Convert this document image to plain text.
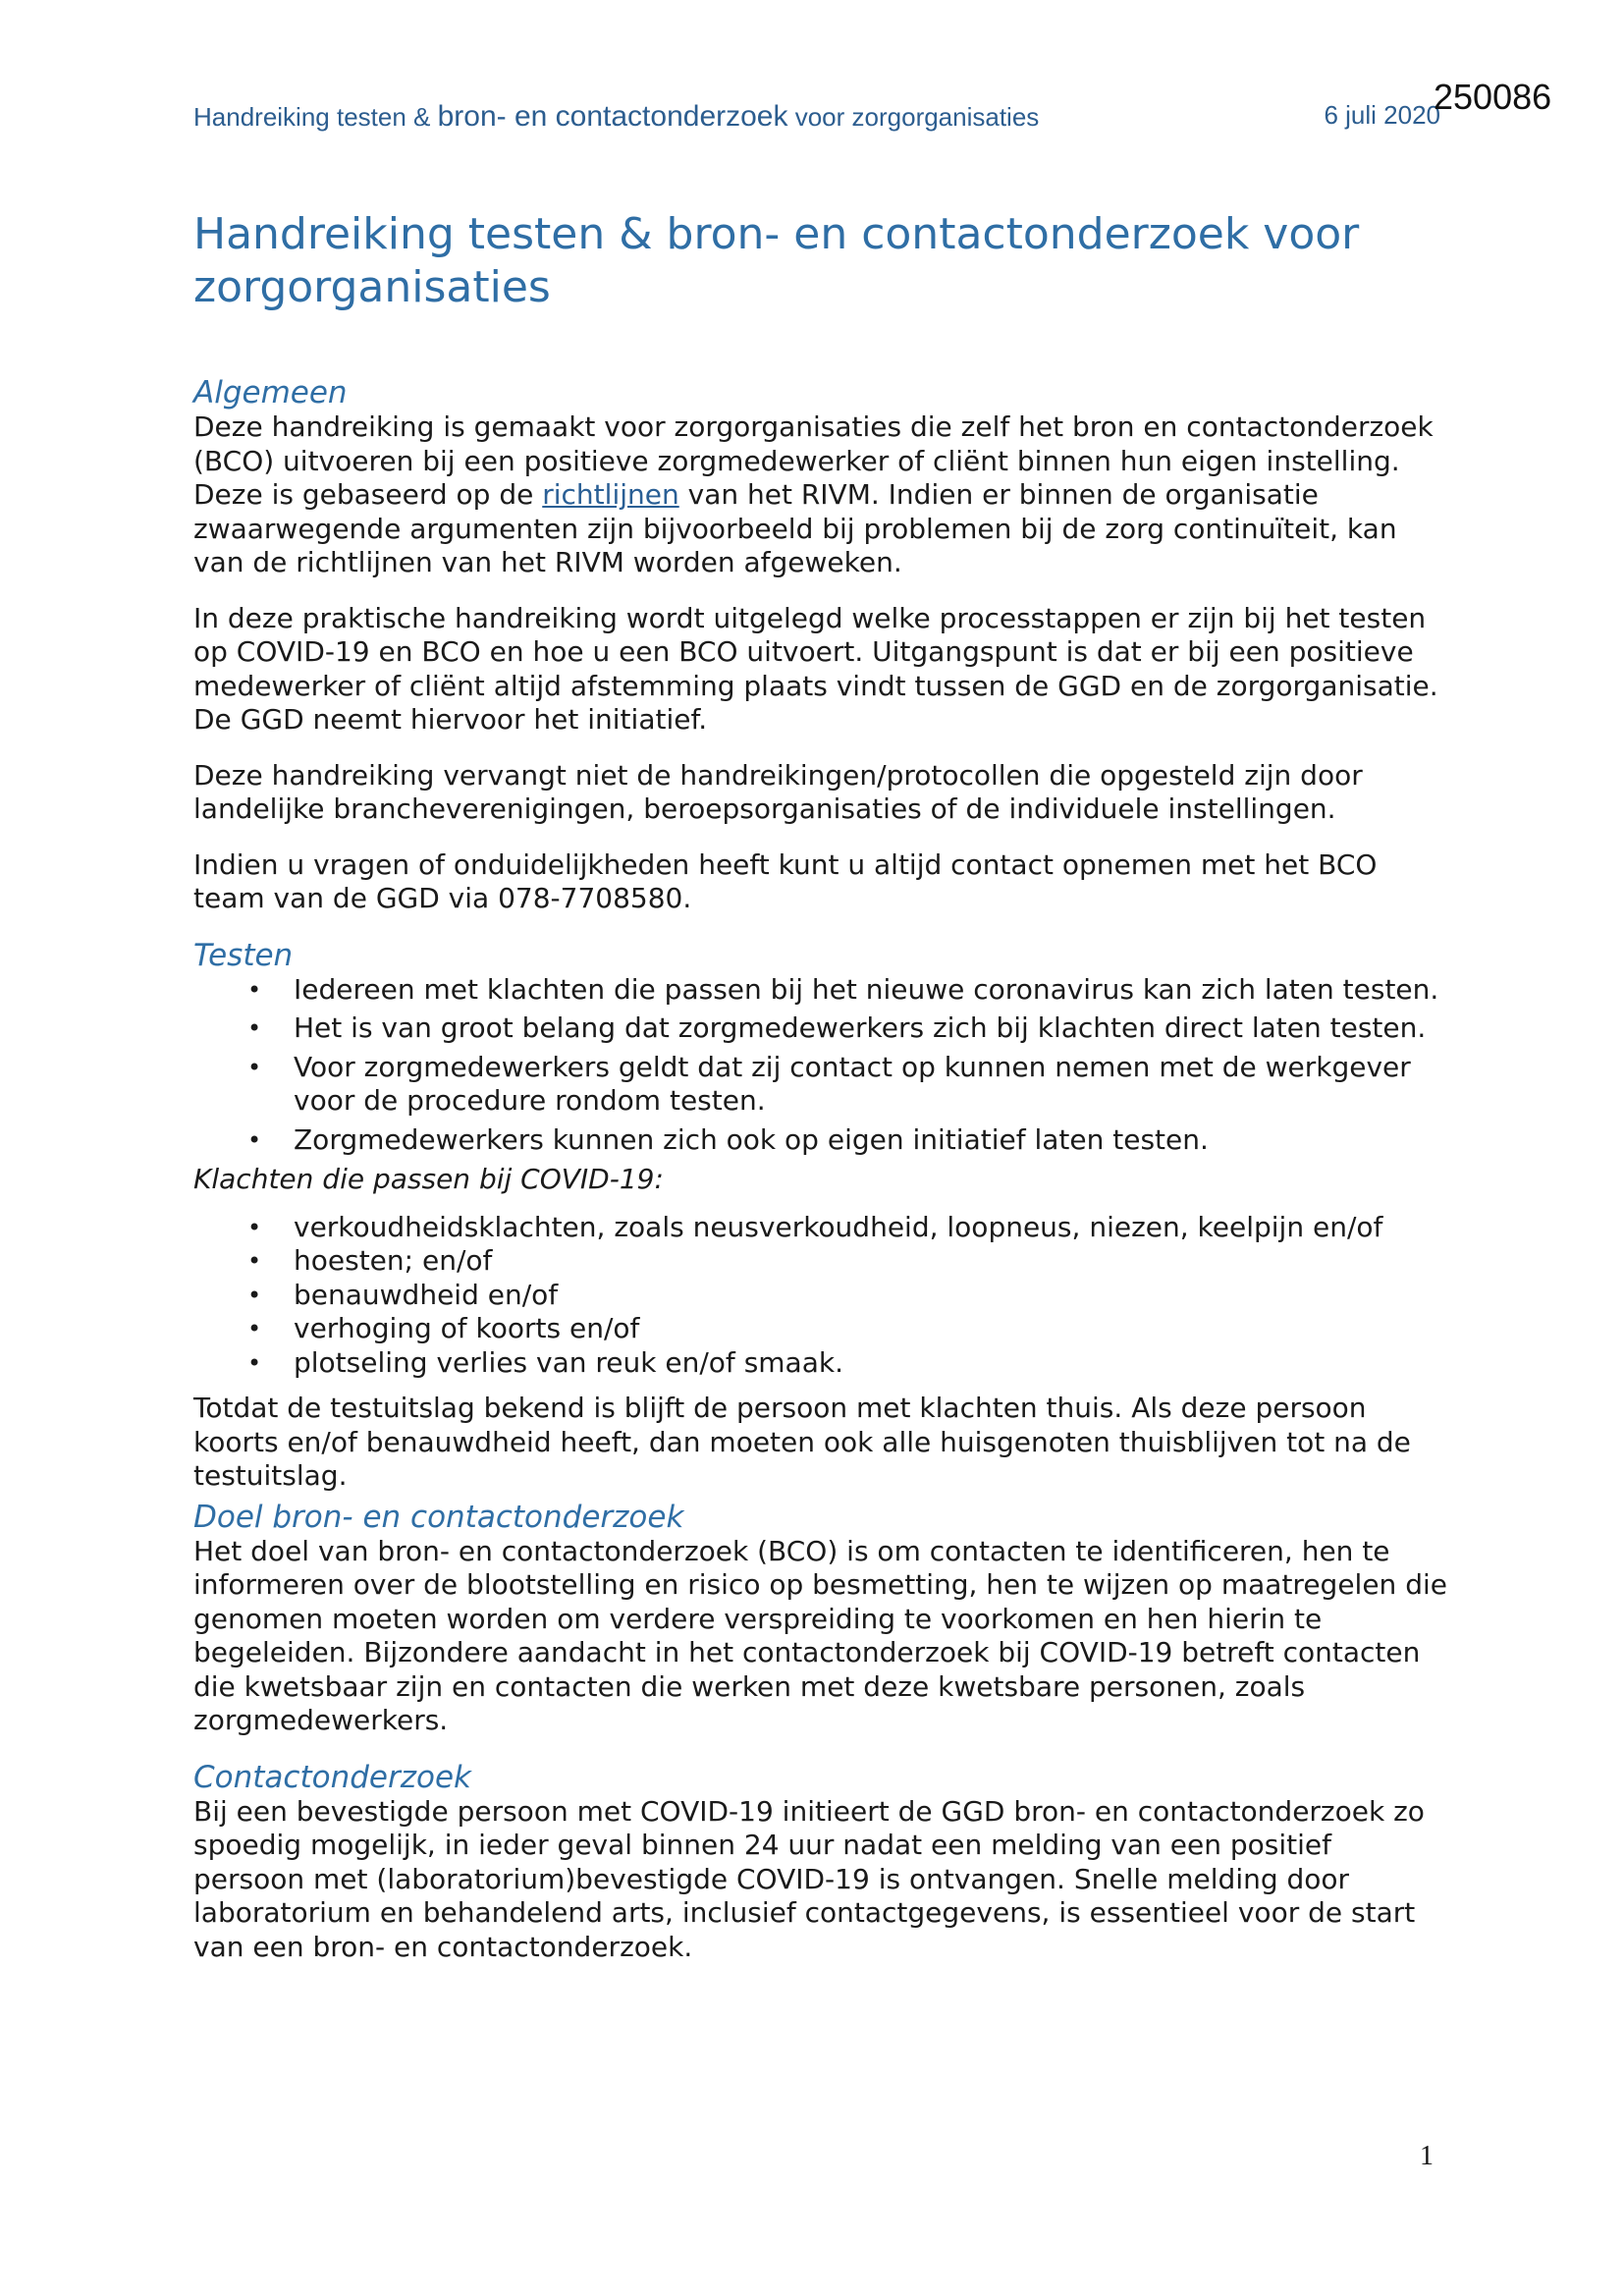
Handreiking testen & bron- en contactonderzoek voor zorgorganisaties	6 juli 2020
250086
Handreiking testen & bron- en contactonderzoek voor zorgorganisaties
Algemeen

Deze handreiking is gemaakt voor zorgorganisaties die zelf het bron en contactonderzoek (BCO) uitvoeren bij een positieve zorgmedewerker of cliënt binnen hun eigen instelling. Deze is gebaseerd op de richtlijnen van het RIVM. Indien er binnen de organisatie zwaarwegende argumenten zijn bijvoorbeeld bij problemen bij de zorg continuïteit, kan van de richtlijnen van het RIVM worden afgeweken.

In deze praktische handreiking wordt uitgelegd welke processtappen er zijn bij het testen op COVID-19 en BCO en hoe u een BCO uitvoert. Uitgangspunt is dat er bij een positieve medewerker of cliënt altijd afstemming plaats vindt tussen de GGD en de zorgorganisatie. De GGD neemt hiervoor het initiatief.

Deze handreiking vervangt niet de handreikingen/protocollen die opgesteld zijn door landelijke brancheverenigingen, beroepsorganisaties of de individuele instellingen.

Indien u vragen of onduidelijkheden heeft kunt u altijd contact opnemen met het BCO team van de GGD via 078-7708580.

Testen
• Iedereen met klachten die passen bij het nieuwe coronavirus kan zich laten testen.
• Het is van groot belang dat zorgmedewerkers zich bij klachten direct laten testen.
• Voor zorgmedewerkers geldt dat zij contact op kunnen nemen met de werkgever voor de procedure rondom testen.
• Zorgmedewerkers kunnen zich ook op eigen initiatief laten testen.
Klachten die passen bij COVID-19:
• verkoudheidsklachten, zoals neusverkoudheid, loopneus, niezen, keelpijn en/of
• hoesten; en/of
• benauwdheid en/of
• verhoging of koorts en/of
• plotseling verlies van reuk en/of smaak.

Totdat de testuitslag bekend is blijft de persoon met klachten thuis. Als deze persoon koorts en/of benauwdheid heeft, dan moeten ook alle huisgenoten thuisblijven tot na de testuitslag.

Doel bron- en contactonderzoek

Het doel van bron- en contactonderzoek (BCO) is om contacten te identificeren, hen te informeren over de blootstelling en risico op besmetting, hen te wijzen op maatregelen die genomen moeten worden om verdere verspreiding te voorkomen en hen hierin te begeleiden. Bijzondere aandacht in het contactonderzoek bij COVID-19 betreft contacten die kwetsbaar zijn en contacten die werken met deze kwetsbare personen, zoals zorgmedewerkers.

Contactonderzoek

Bij een bevestigde persoon met COVID-19 initieert de GGD bron- en contactonderzoek zo spoedig mogelijk, in ieder geval binnen 24 uur nadat een melding van een positief persoon met (laboratorium)bevestigde COVID-19 is ontvangen. Snelle melding door laboratorium en behandelend arts, inclusief contactgegevens, is essentieel voor de start van een bron- en contactonderzoek.

1
